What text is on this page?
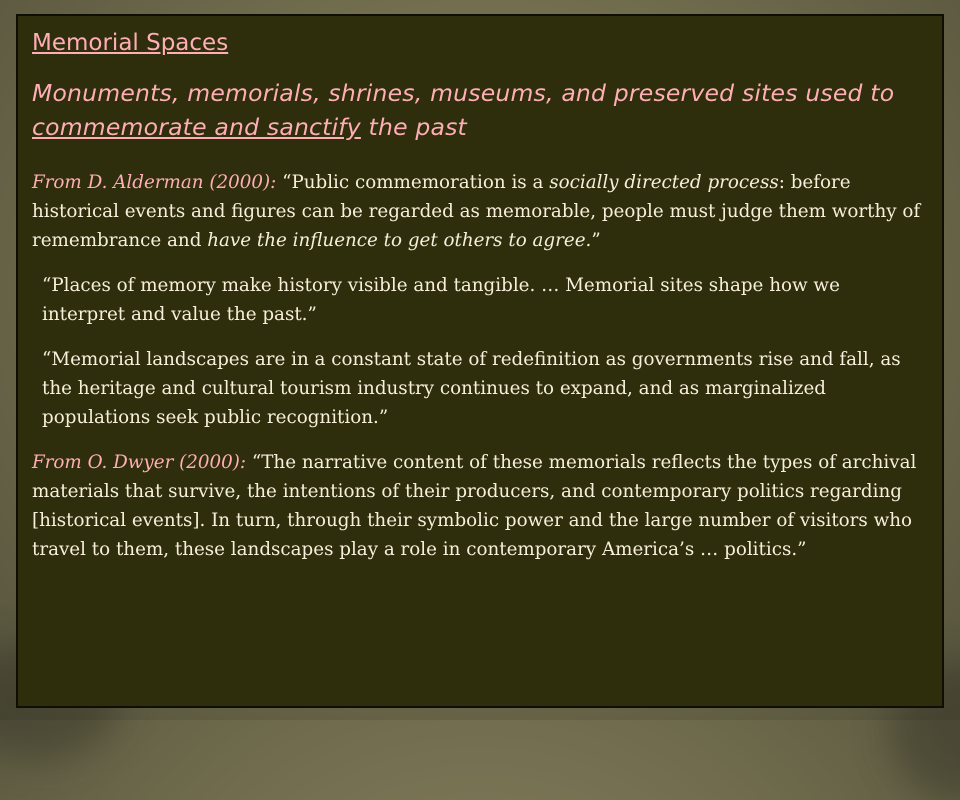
Memorial Spaces
Monuments, memorials, shrines, museums, and preserved sites used to commemorate and sanctify the past

From D. Alderman (2000): “Public commemoration is a socially directed process: before historical events and figures can be regarded as memorable, people must judge them worthy of remembrance and have the influence to get others to agree.”

“Places of memory make history visible and tangible. … Memorial sites shape how we interpret and value the past.”

“Memorial landscapes are in a constant state of redefinition as governments rise and fall, as the heritage and cultural tourism industry continues to expand, and as marginalized populations seek public recognition.”

From O. Dwyer (2000): “The narrative content of these memorials reflects the types of archival materials that survive, the intentions of their producers, and contemporary politics regarding [historical events]. In turn, through their symbolic power and the large number of visitors who travel to them, these landscapes play a role in contemporary America’s … politics.”
